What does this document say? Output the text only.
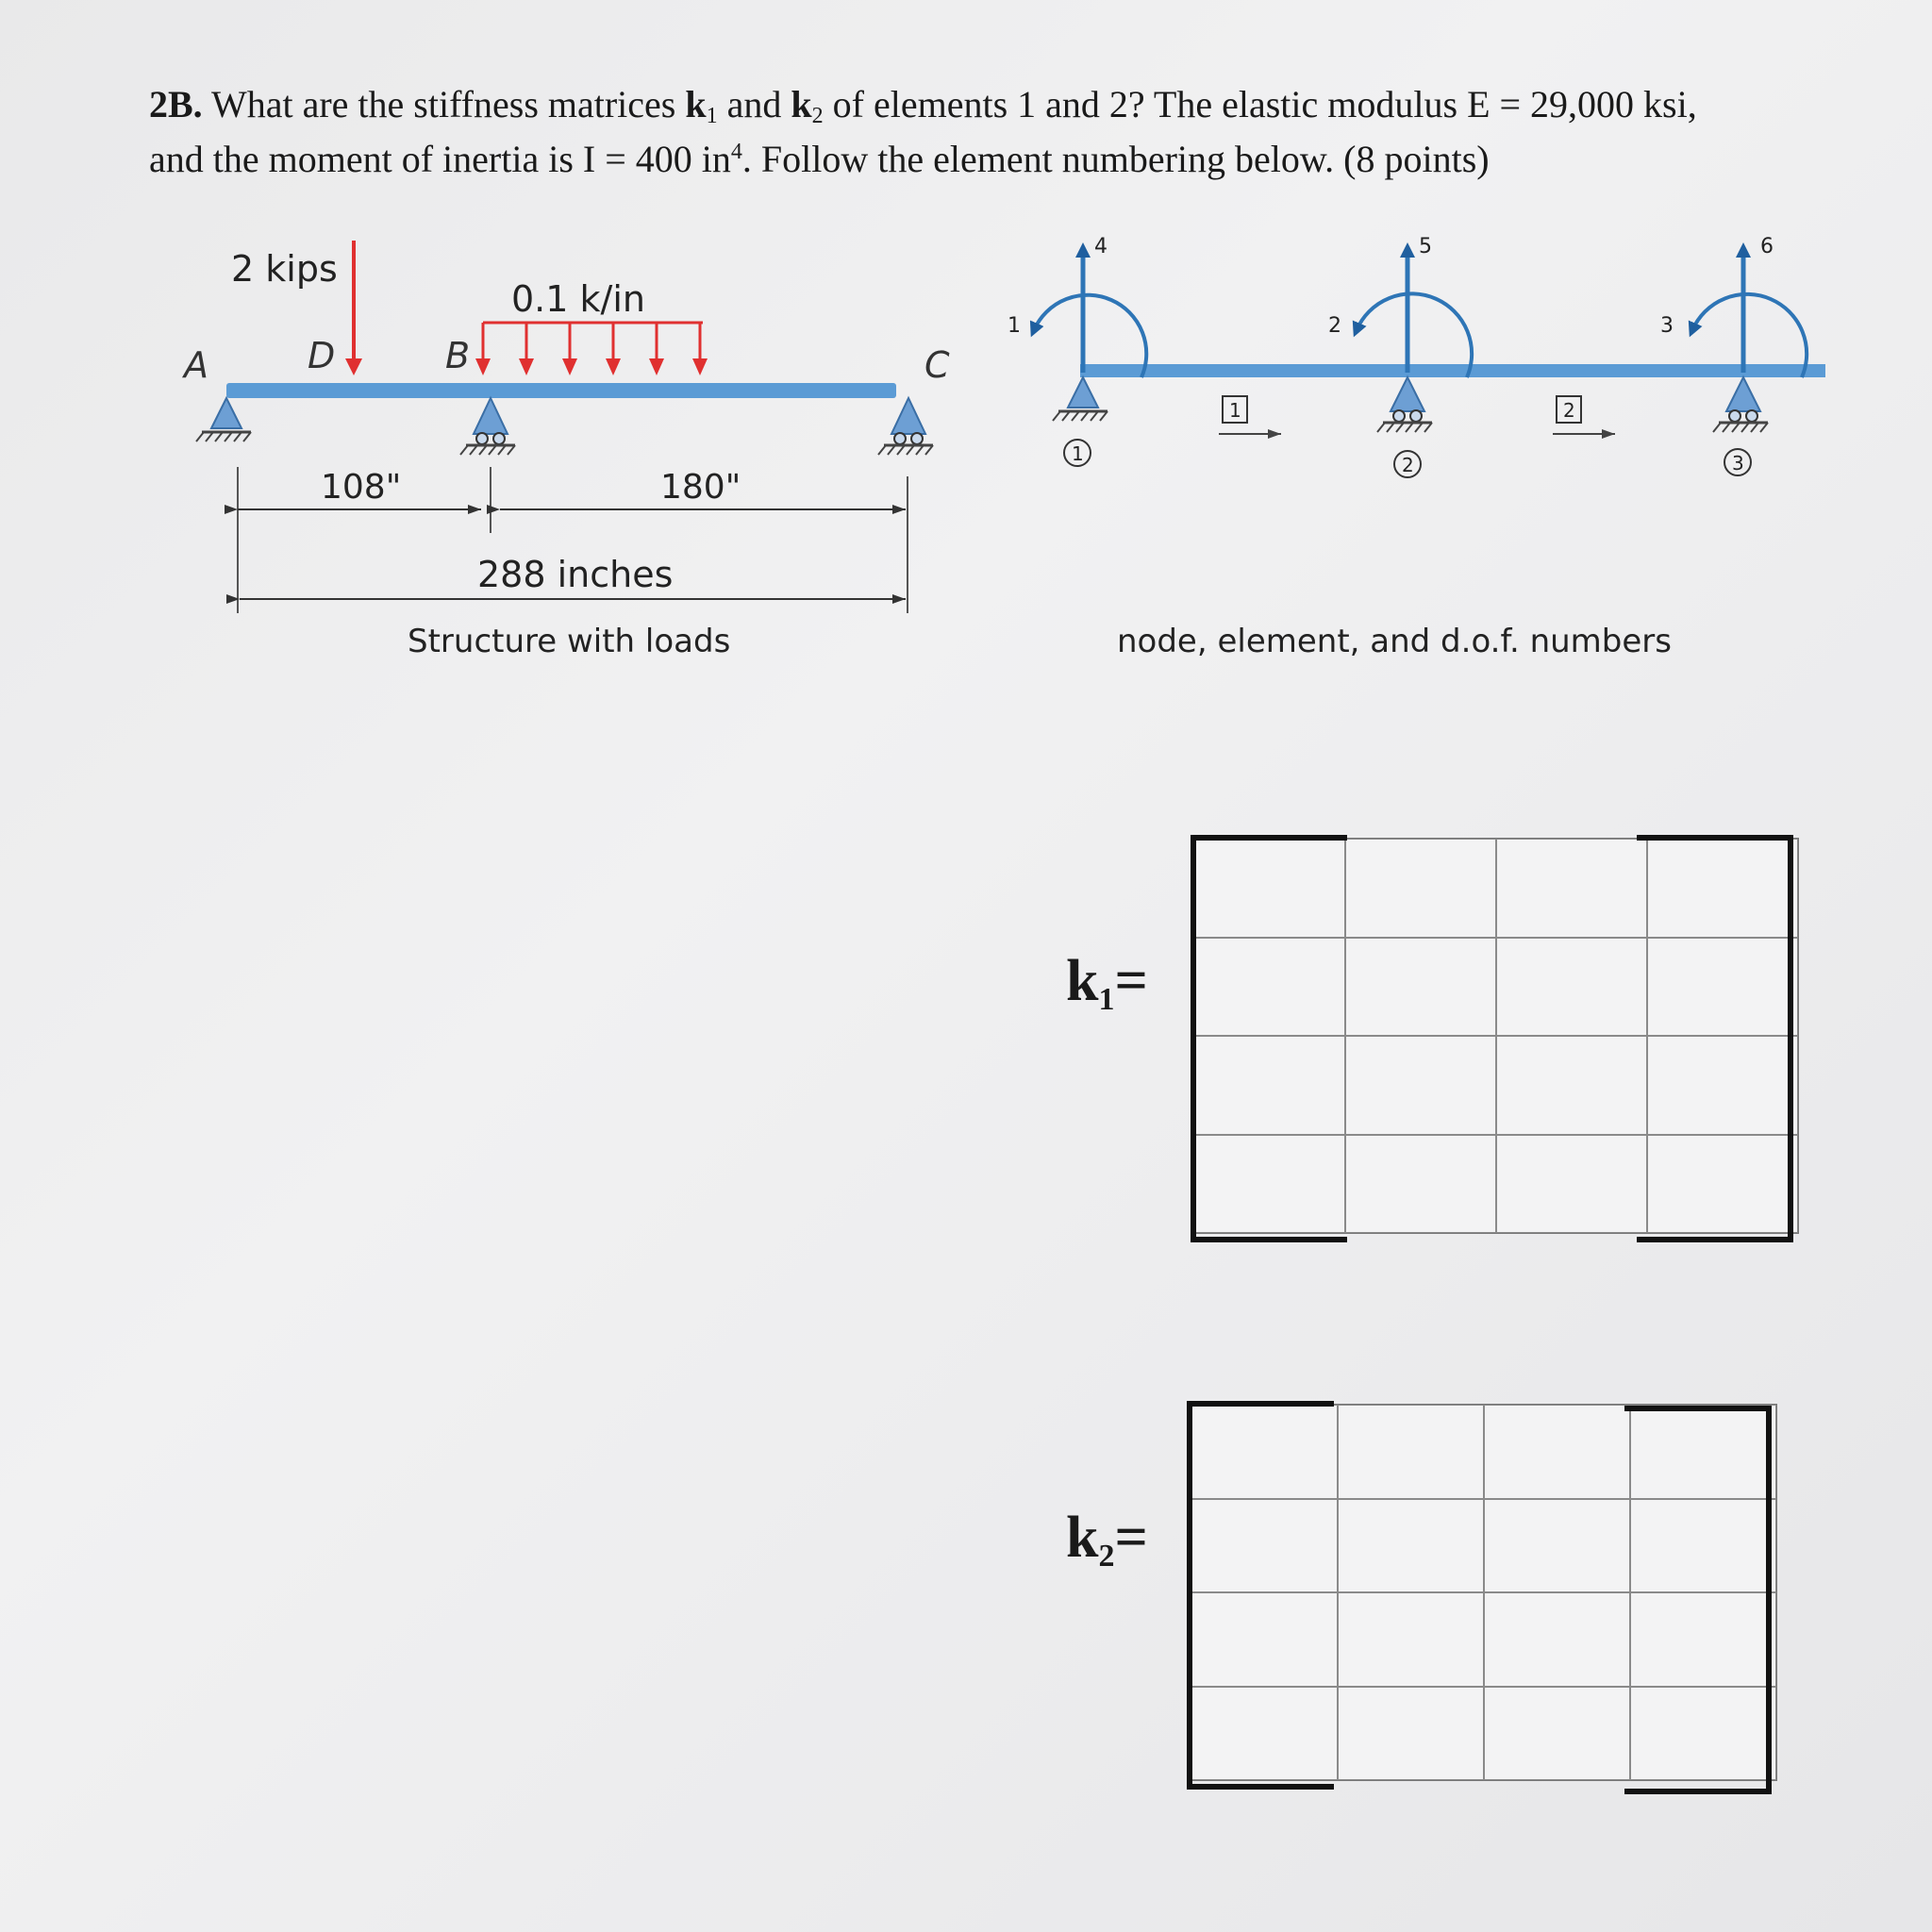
2B. What are the stiffness matrices $k_1$ and $k_2$ of elements 1 and 2? The elastic modulus E = 29,000 ksi,
and the moment of inertia is I = 400 $in^4$. Follow the element numbering below. (8 points)
2 kips
0.1 k/in
A	D	B	C
108"	180"
288 inches
Structure with loads
1	2	3
4	5	6
1	2	3
1	2
node, element, and d.o.f. numbers
$k_1=$
$k_2=$
